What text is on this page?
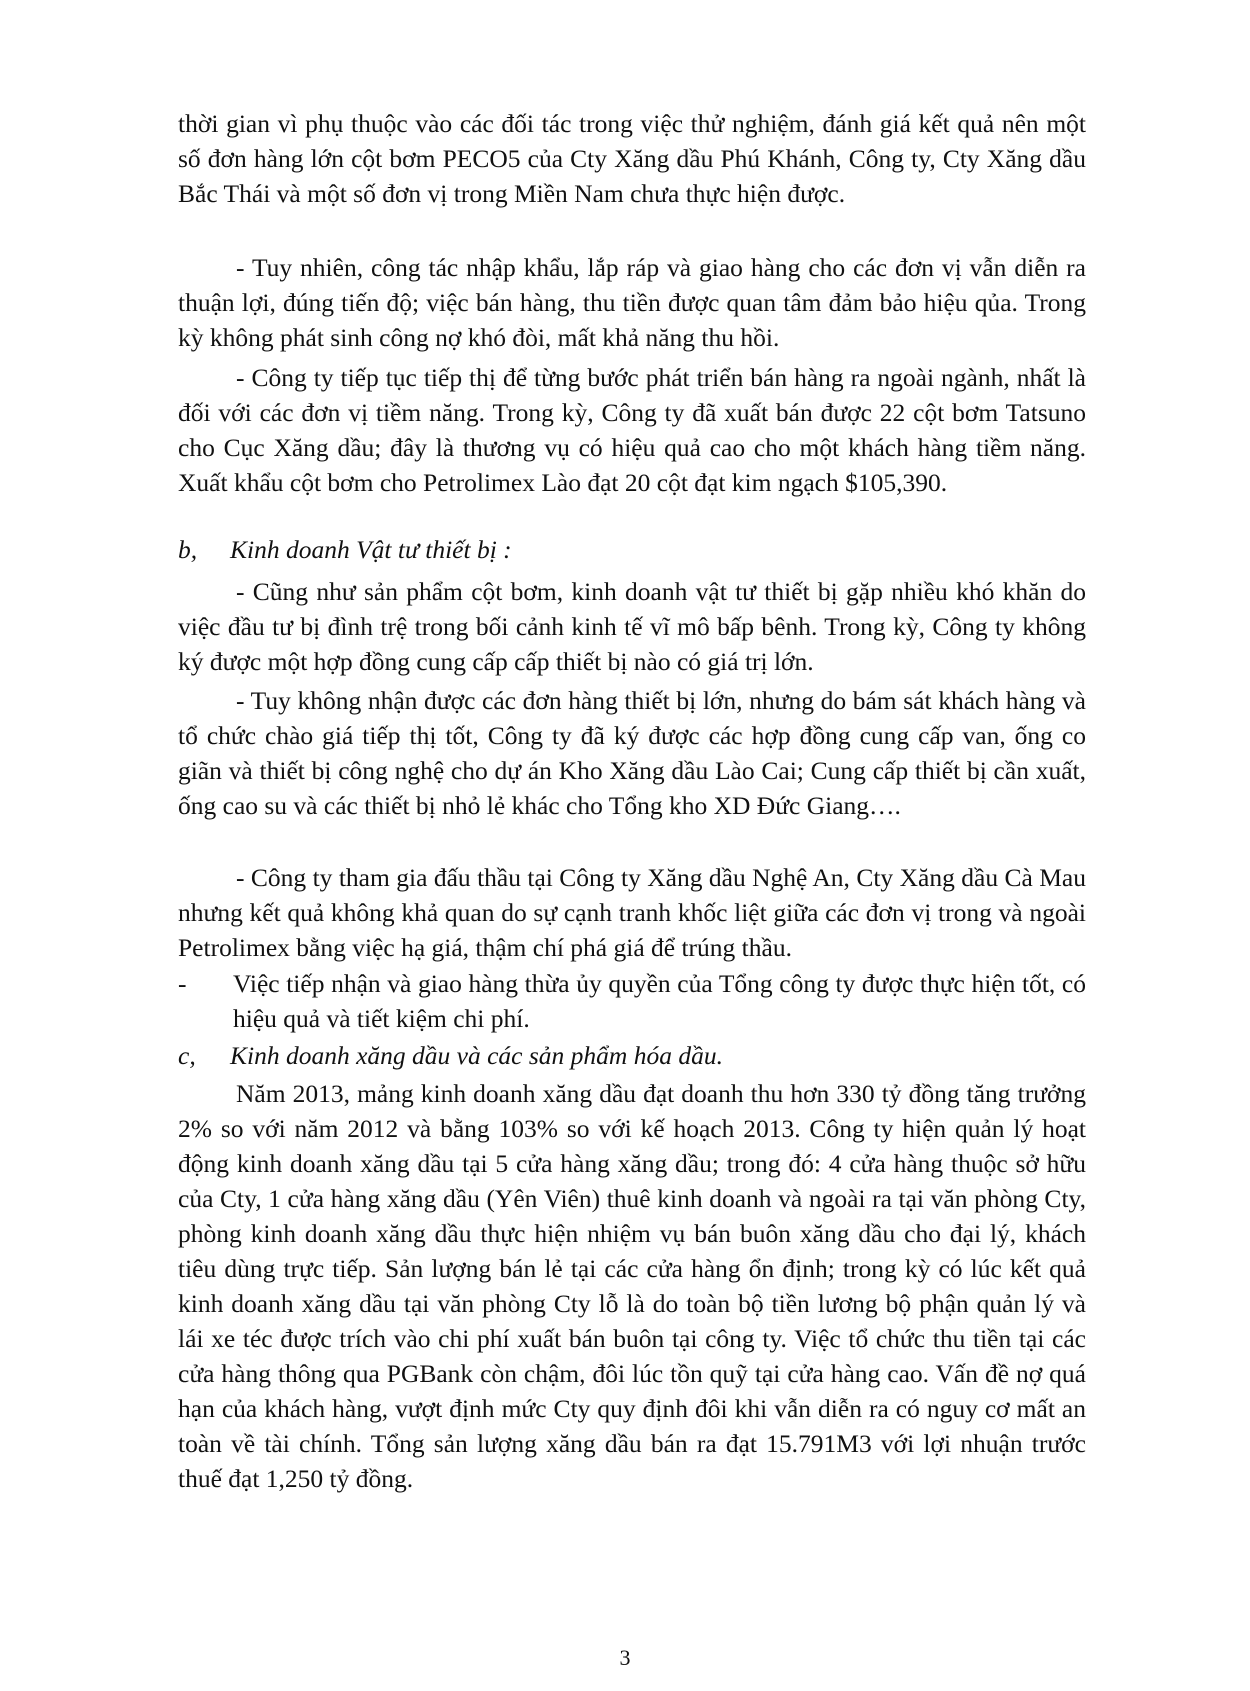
thời gian vì phụ thuộc vào các đối tác trong việc thử nghiệm, đánh giá kết quả nên một số đơn hàng lớn cột bơm PECO5 của Cty Xăng dầu Phú Khánh, Công ty, Cty Xăng dầu Bắc Thái và một số đơn vị trong Miền Nam chưa thực hiện được.
- Tuy nhiên, công tác nhập khẩu, lắp ráp và giao hàng cho các đơn vị vẫn diễn ra thuận lợi, đúng tiến độ; việc bán hàng, thu tiền được quan tâm đảm bảo hiệu qủa. Trong kỳ không phát sinh công nợ khó đòi, mất khả năng thu hồi.
- Công ty tiếp tục tiếp thị để từng bước phát triển bán hàng ra ngoài ngành, nhất là đối với các đơn vị tiềm năng. Trong kỳ, Công ty đã xuất bán được 22 cột bơm Tatsuno cho Cục Xăng dầu; đây là thương vụ có hiệu quả cao cho một khách hàng tiềm năng. Xuất khẩu cột bơm cho Petrolimex Lào đạt 20 cột đạt kim ngạch $105,390.
b, Kinh doanh Vật tư thiết bị :
- Cũng như sản phẩm cột bơm, kinh doanh vật tư thiết bị gặp nhiều khó khăn do việc đầu tư bị đình trệ trong bối cảnh kinh tế vĩ mô bấp bênh. Trong kỳ, Công ty không ký được một hợp đồng cung cấp cấp thiết bị nào có giá trị lớn.
- Tuy không nhận được các đơn hàng thiết bị lớn, nhưng do bám sát khách hàng và tổ chức chào giá tiếp thị tốt, Công ty đã ký được các hợp đồng cung cấp van, ống co giãn và thiết bị công nghệ cho dự án Kho Xăng dầu Lào Cai; Cung cấp thiết bị cần xuất, ống cao su và các thiết bị nhỏ lẻ khác cho Tổng kho XD Đức Giang….
- Công ty tham gia đấu thầu tại Công ty Xăng dầu Nghệ An, Cty Xăng dầu Cà Mau nhưng kết quả không khả quan do sự cạnh tranh khốc liệt giữa các đơn vị trong và ngoài Petrolimex bằng việc hạ giá, thậm chí phá giá để trúng thầu.
-	Việc tiếp nhận và giao hàng thừa ủy quyền của Tổng công ty được thực hiện tốt, có hiệu quả và tiết kiệm chi phí.
c, Kinh doanh xăng dầu và các sản phẩm hóa dầu.
Năm 2013, mảng kinh doanh xăng dầu đạt doanh thu hơn 330 tỷ đồng tăng trưởng 2% so với năm 2012 và bằng 103% so với kế hoạch 2013. Công ty hiện quản lý hoạt động kinh doanh xăng dầu tại 5 cửa hàng xăng dầu; trong đó: 4 cửa hàng thuộc sở hữu của Cty, 1 cửa hàng xăng dầu (Yên Viên) thuê kinh doanh và ngoài ra tại văn phòng Cty, phòng kinh doanh xăng dầu thực hiện nhiệm vụ bán buôn xăng dầu cho đại lý, khách tiêu dùng trực tiếp. Sản lượng bán lẻ tại các cửa hàng ổn định; trong kỳ có lúc kết quả kinh doanh xăng dầu tại văn phòng Cty lỗ là do toàn bộ tiền lương bộ phận quản lý và lái xe téc được trích vào chi phí xuất bán buôn tại công ty. Việc tổ chức thu tiền tại các cửa hàng thông qua PGBank còn chậm, đôi lúc tồn quỹ tại cửa hàng cao. Vấn đề nợ quá hạn của khách hàng, vượt định mức Cty quy định đôi khi vẫn diễn ra có nguy cơ mất an toàn về tài chính. Tổng sản lượng xăng dầu bán ra đạt 15.791M3 với lợi nhuận trước thuế đạt 1,250 tỷ đồng.
3
